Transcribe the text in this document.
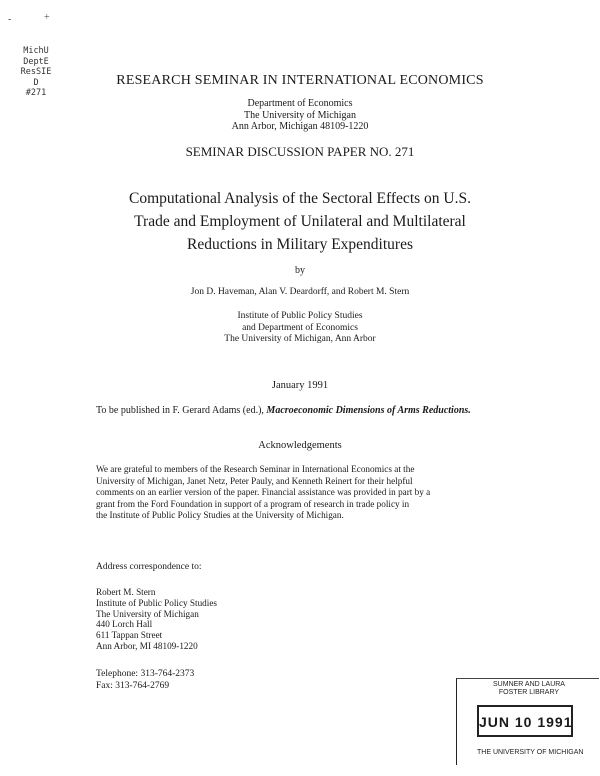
-	+
MichU
DeptE
ResSIE
D
#271
RESEARCH SEMINAR IN INTERNATIONAL ECONOMICS
Department of Economics
The University of Michigan
Ann Arbor, Michigan 48109-1220
SEMINAR DISCUSSION PAPER NO. 271
Computational Analysis of the Sectoral Effects on U.S.
Trade and Employment of Unilateral and Multilateral
Reductions in Military Expenditures
by
Jon D. Haveman, Alan V. Deardorff, and Robert M. Stern
Institute of Public Policy Studies
and Department of Economics
The University of Michigan, Ann Arbor
January 1991
To be published in F. Gerard Adams (ed.), Macroeconomic Dimensions of Arms Reductions.
Acknowledgements
We are grateful to members of the Research Seminar in International Economics at the
University of Michigan, Janet Netz, Peter Pauly, and Kenneth Reinert for their helpful
comments on an earlier version of the paper. Financial assistance was provided in part by a
grant from the Ford Foundation in support of a program of research in trade policy in
the Institute of Public Policy Studies at the University of Michigan.
Address correspondence to:
Robert M. Stern
Institute of Public Policy Studies
The University of Michigan
440 Lorch Hall
611 Tappan Street
Ann Arbor, MI 48109-1220
Telephone: 313-764-2373
Fax: 313-764-2769	SUMNER AND LAURA
FOSTER LIBRARY
JUN 10 1991
THE UNIVERSITY OF MICHIGAN
